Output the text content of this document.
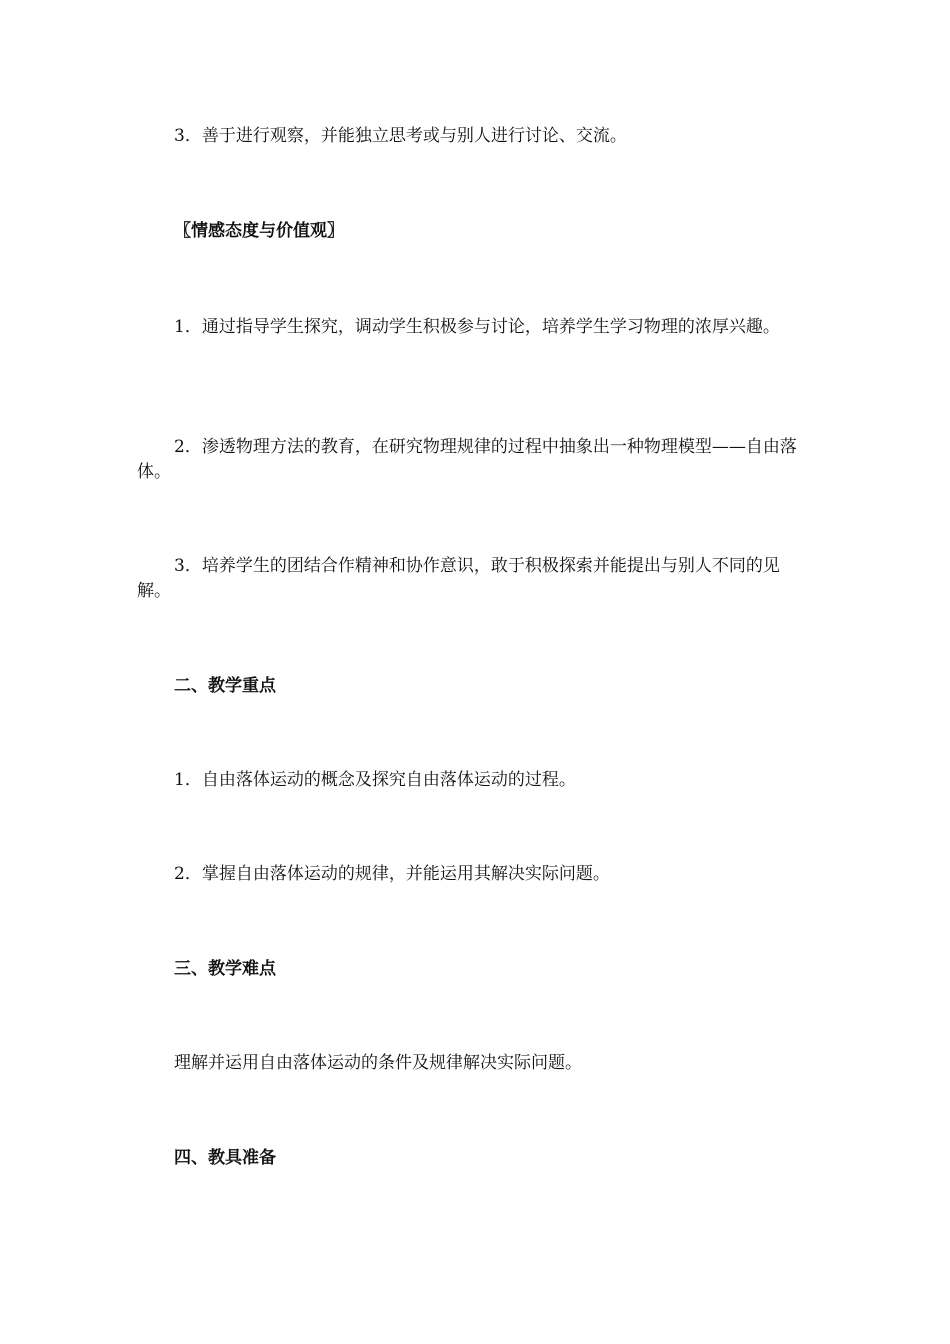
3．善于进行观察，并能独立思考或与别人进行讨论、交流。

〖情感态度与价值观〗

1．通过指导学生探究，调动学生积极参与讨论，培养学生学习物理的浓厚兴趣。

2．渗透物理方法的教育，在研究物理规律的过程中抽象出一种物理模型——自由落体。

3．培养学生的团结合作精神和协作意识，敢于积极探索并能提出与别人不同的见解。

二、教学重点

1．自由落体运动的概念及探究自由落体运动的过程。

2．掌握自由落体运动的规律，并能运用其解决实际问题。

三、教学难点

理解并运用自由落体运动的条件及规律解决实际问题。

四、教具准备
